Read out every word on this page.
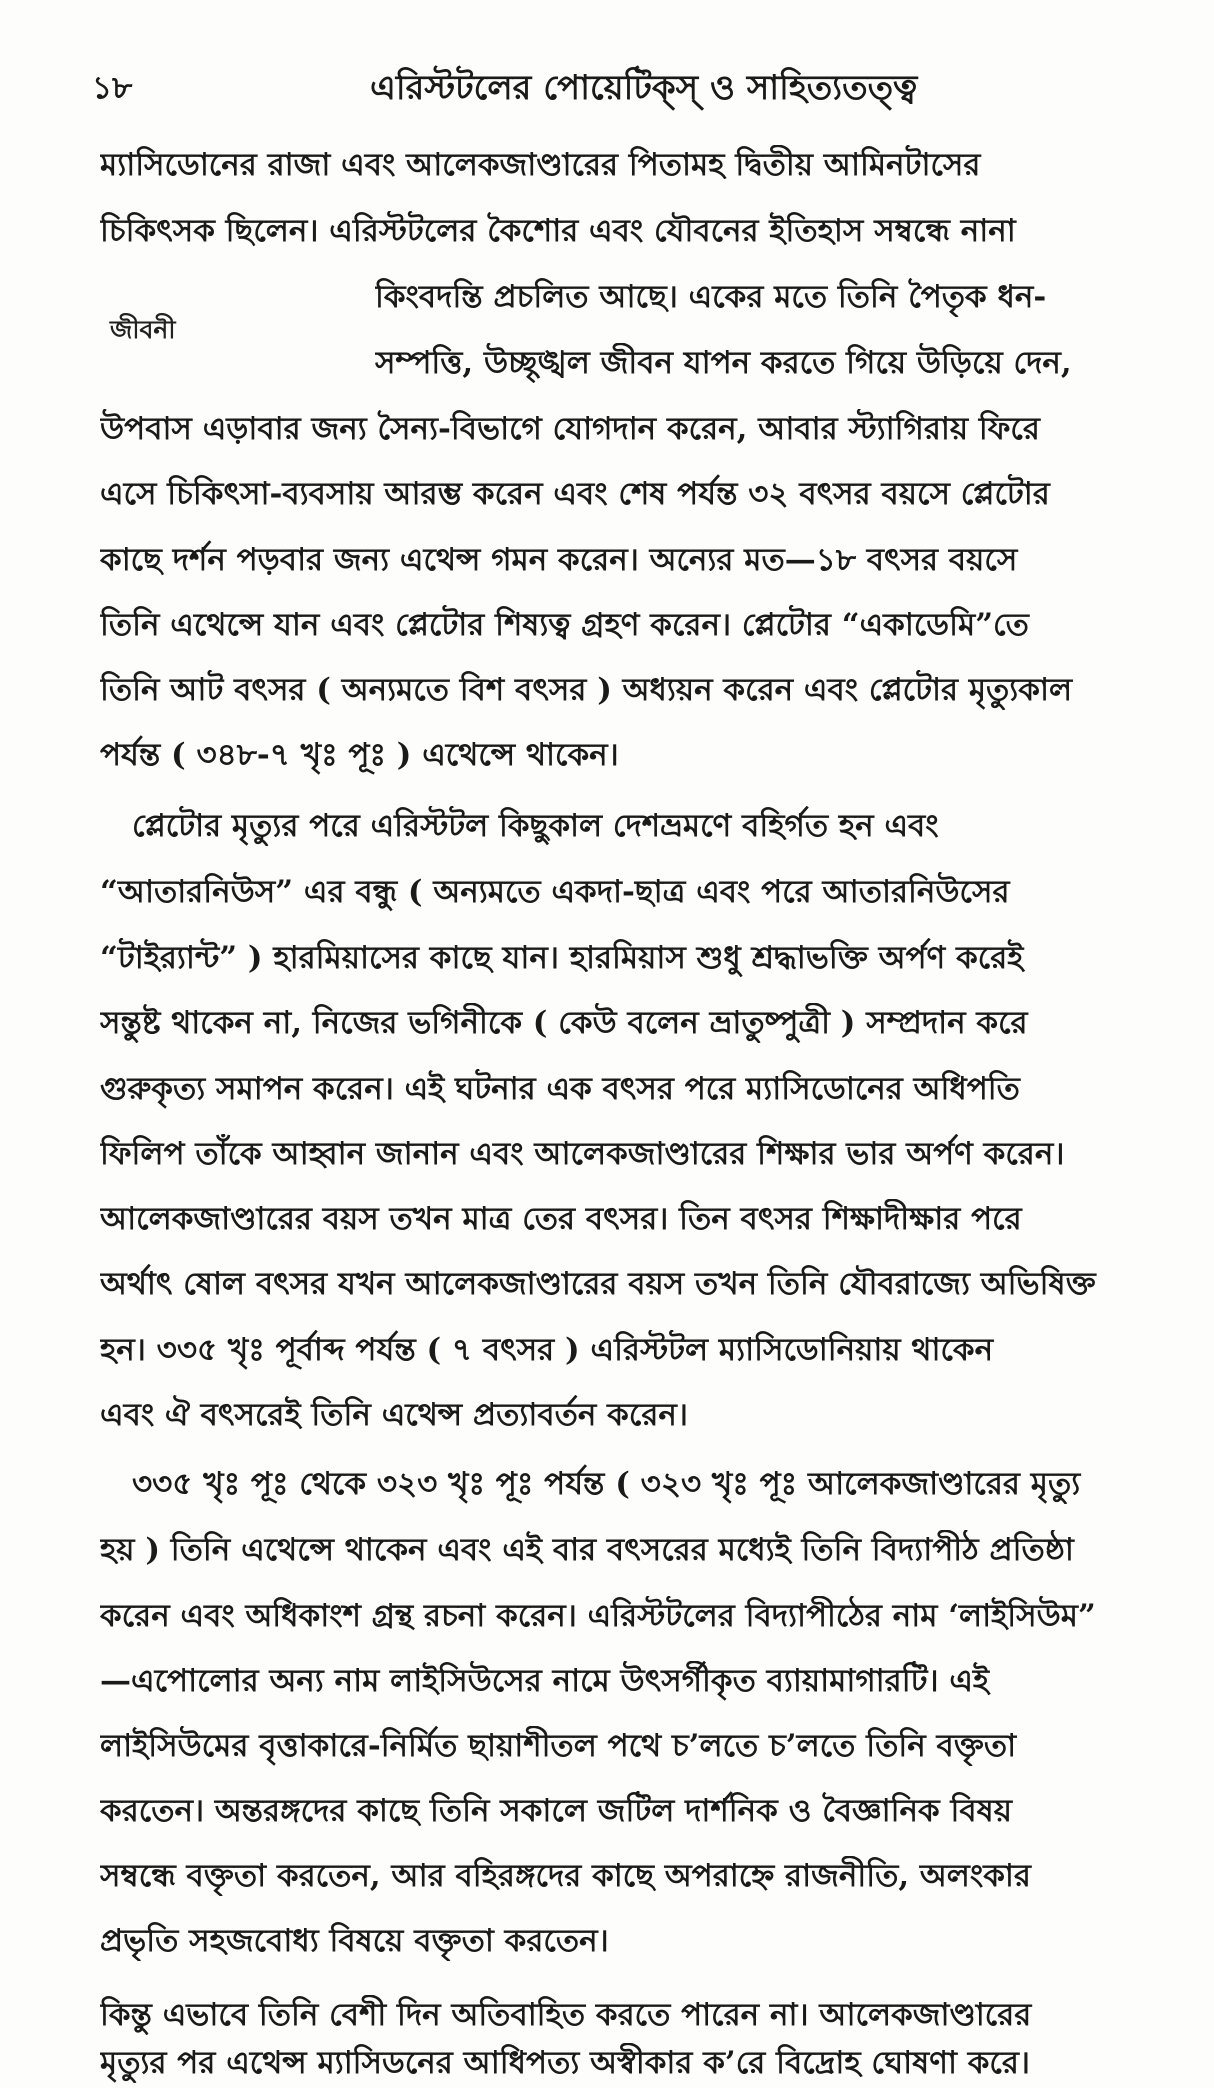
১৮	এরিস্টটলের পোয়েটিক্‌স্‌ ও সাহিত্যতত্ত্ব
জীবনী
ম্যাসিডোনের রাজা এবং আলেকজাণ্ডারের পিতামহ দ্বিতীয় আমিনটাসের
চিকিৎসক ছিলেন। এরিস্টটলের কৈশোর এবং যৌবনের ইতিহাস সম্বন্ধে নানা
কিংবদন্তি প্রচলিত আছে। একের মতে তিনি পৈতৃক ধন-
সম্পত্তি, উচ্ছৃঙ্খল জীবন যাপন করতে গিয়ে উড়িয়ে দেন,
উপবাস এড়াবার জন্য সৈন্য-বিভাগে যোগদান করেন, আবার স্ট্যাগিরায় ফিরে
এসে চিকিৎসা-ব্যবসায় আরম্ভ করেন এবং শেষ পর্যন্ত ৩২ বৎসর বয়সে প্লেটোর
কাছে দর্শন পড়বার জন্য এথেন্স গমন করেন। অন্যের মত—১৮ বৎসর বয়সে
তিনি এথেন্সে যান এবং প্লেটোর শিষ্যত্ব গ্রহণ করেন। প্লেটোর “একাডেমি”তে
তিনি আট বৎসর ( অন্যমতে বিশ বৎসর ) অধ্যয়ন করেন এবং প্লেটোর মৃত্যুকাল
পর্যন্ত ( ৩৪৮-৭ খৃঃ পূঃ ) এথেন্সে থাকেন।
প্লেটোর মৃত্যুর পরে এরিস্টটল কিছুকাল দেশভ্রমণে বহির্গত হন এবং
“আতারনিউস” এর বন্ধু ( অন্যমতে একদা-ছাত্র এবং পরে আতারনিউসের
“টাইর‍্যান্ট” ) হারমিয়াসের কাছে যান। হারমিয়াস শুধু শ্রদ্ধাভক্তি অর্পণ করেই
সন্তুষ্ট থাকেন না, নিজের ভগিনীকে ( কেউ বলেন ভ্রাতুষ্পুত্রী ) সম্প্রদান করে
গুরুকৃত্য সমাপন করেন। এই ঘটনার এক বৎসর পরে ম্যাসিডোনের অধিপতি
ফিলিপ তাঁকে আহ্বান জানান এবং আলেকজাণ্ডারের শিক্ষার ভার অর্পণ করেন।
আলেকজাণ্ডারের বয়স তখন মাত্র তের বৎসর। তিন বৎসর শিক্ষাদীক্ষার পরে
অর্থাৎ ষোল বৎসর যখন আলেকজাণ্ডারের বয়স তখন তিনি যৌবরাজ্যে অভিষিক্ত
হন। ৩৩৫ খৃঃ পূর্বাব্দ পর্যন্ত ( ৭ বৎসর ) এরিস্টটল ম্যাসিডোনিয়ায় থাকেন
এবং ঐ বৎসরেই তিনি এথেন্স প্রত্যাবর্তন করেন।
৩৩৫ খৃঃ পূঃ থেকে ৩২৩ খৃঃ পূঃ পর্যন্ত ( ৩২৩ খৃঃ পূঃ আলেকজাণ্ডারের মৃত্যু
হয় ) তিনি এথেন্সে থাকেন এবং এই বার বৎসরের মধ্যেই তিনি বিদ্যাপীঠ প্রতিষ্ঠা
করেন এবং অধিকাংশ গ্রন্থ রচনা করেন। এরিস্টটলের বিদ্যাপীঠের নাম ‘লাইসিউম”
—এপোলোর অন্য নাম লাইসিউসের নামে উৎসর্গীকৃত ব্যায়ামাগারটি। এই
লাইসিউমের বৃত্তাকারে-নির্মিত ছায়াশীতল পথে চ’লতে চ’লতে তিনি বক্তৃতা
করতেন। অন্তরঙ্গদের কাছে তিনি সকালে জটিল দার্শনিক ও বৈজ্ঞানিক বিষয়
সম্বন্ধে বক্তৃতা করতেন, আর বহিরঙ্গদের কাছে অপরাহ্নে রাজনীতি, অলংকার
প্রভৃতি সহজবোধ্য বিষয়ে বক্তৃতা করতেন।
কিন্তু এভাবে তিনি বেশী দিন অতিবাহিত করতে পারেন না। আলেকজাণ্ডারের
মৃত্যুর পর এথেন্স ম্যাসিডনের আধিপত্য অস্বীকার ক’রে বিদ্রোহ ঘোষণা করে।
